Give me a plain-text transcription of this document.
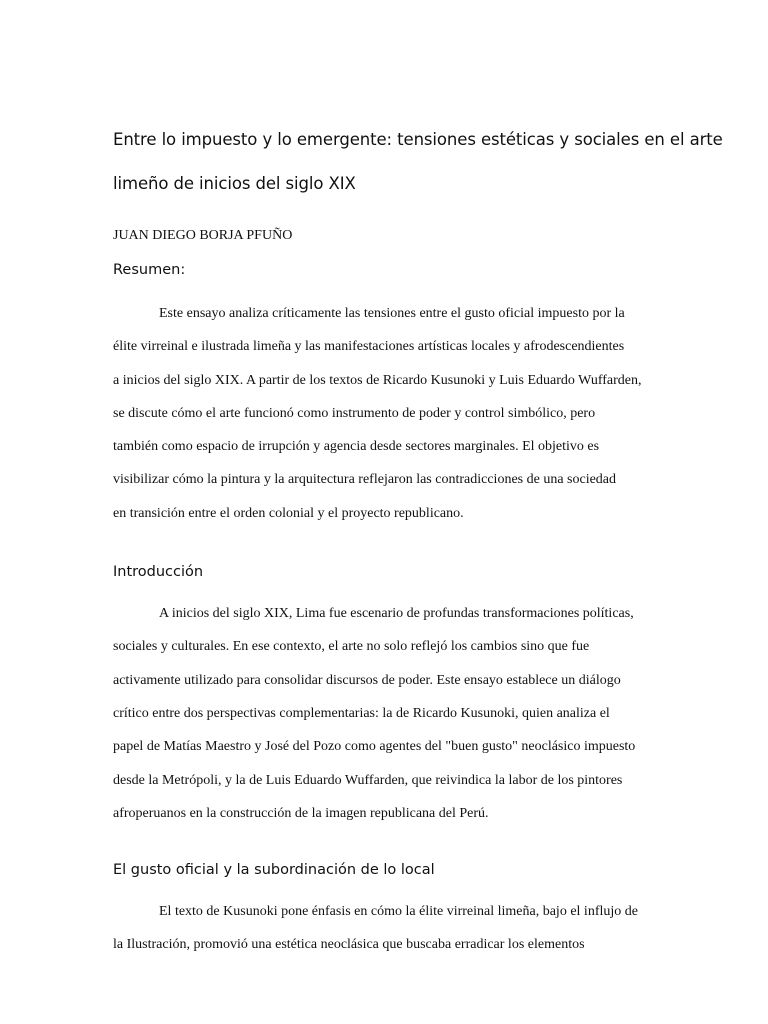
Entre lo impuesto y lo emergente: tensiones estéticas y sociales en el arte
limeño de inicios del siglo XIX

JUAN DIEGO BORJA PFUÑO

Resumen:

Este ensayo analiza críticamente las tensiones entre el gusto oficial impuesto por la
élite virreinal e ilustrada limeña y las manifestaciones artísticas locales y afrodescendientes
a inicios del siglo XIX. A partir de los textos de Ricardo Kusunoki y Luis Eduardo Wuffarden,
se discute cómo el arte funcionó como instrumento de poder y control simbólico, pero
también como espacio de irrupción y agencia desde sectores marginales. El objetivo es
visibilizar cómo la pintura y la arquitectura reflejaron las contradicciones de una sociedad
en transición entre el orden colonial y el proyecto republicano.

Introducción

A inicios del siglo XIX, Lima fue escenario de profundas transformaciones políticas,
sociales y culturales. En ese contexto, el arte no solo reflejó los cambios sino que fue
activamente utilizado para consolidar discursos de poder. Este ensayo establece un diálogo
crítico entre dos perspectivas complementarias: la de Ricardo Kusunoki, quien analiza el
papel de Matías Maestro y José del Pozo como agentes del "buen gusto" neoclásico impuesto
desde la Metrópoli, y la de Luis Eduardo Wuffarden, que reivindica la labor de los pintores
afroperuanos en la construcción de la imagen republicana del Perú.

El gusto oficial y la subordinación de lo local

El texto de Kusunoki pone énfasis en cómo la élite virreinal limeña, bajo el influjo de
la Ilustración, promovió una estética neoclásica que buscaba erradicar los elementos
